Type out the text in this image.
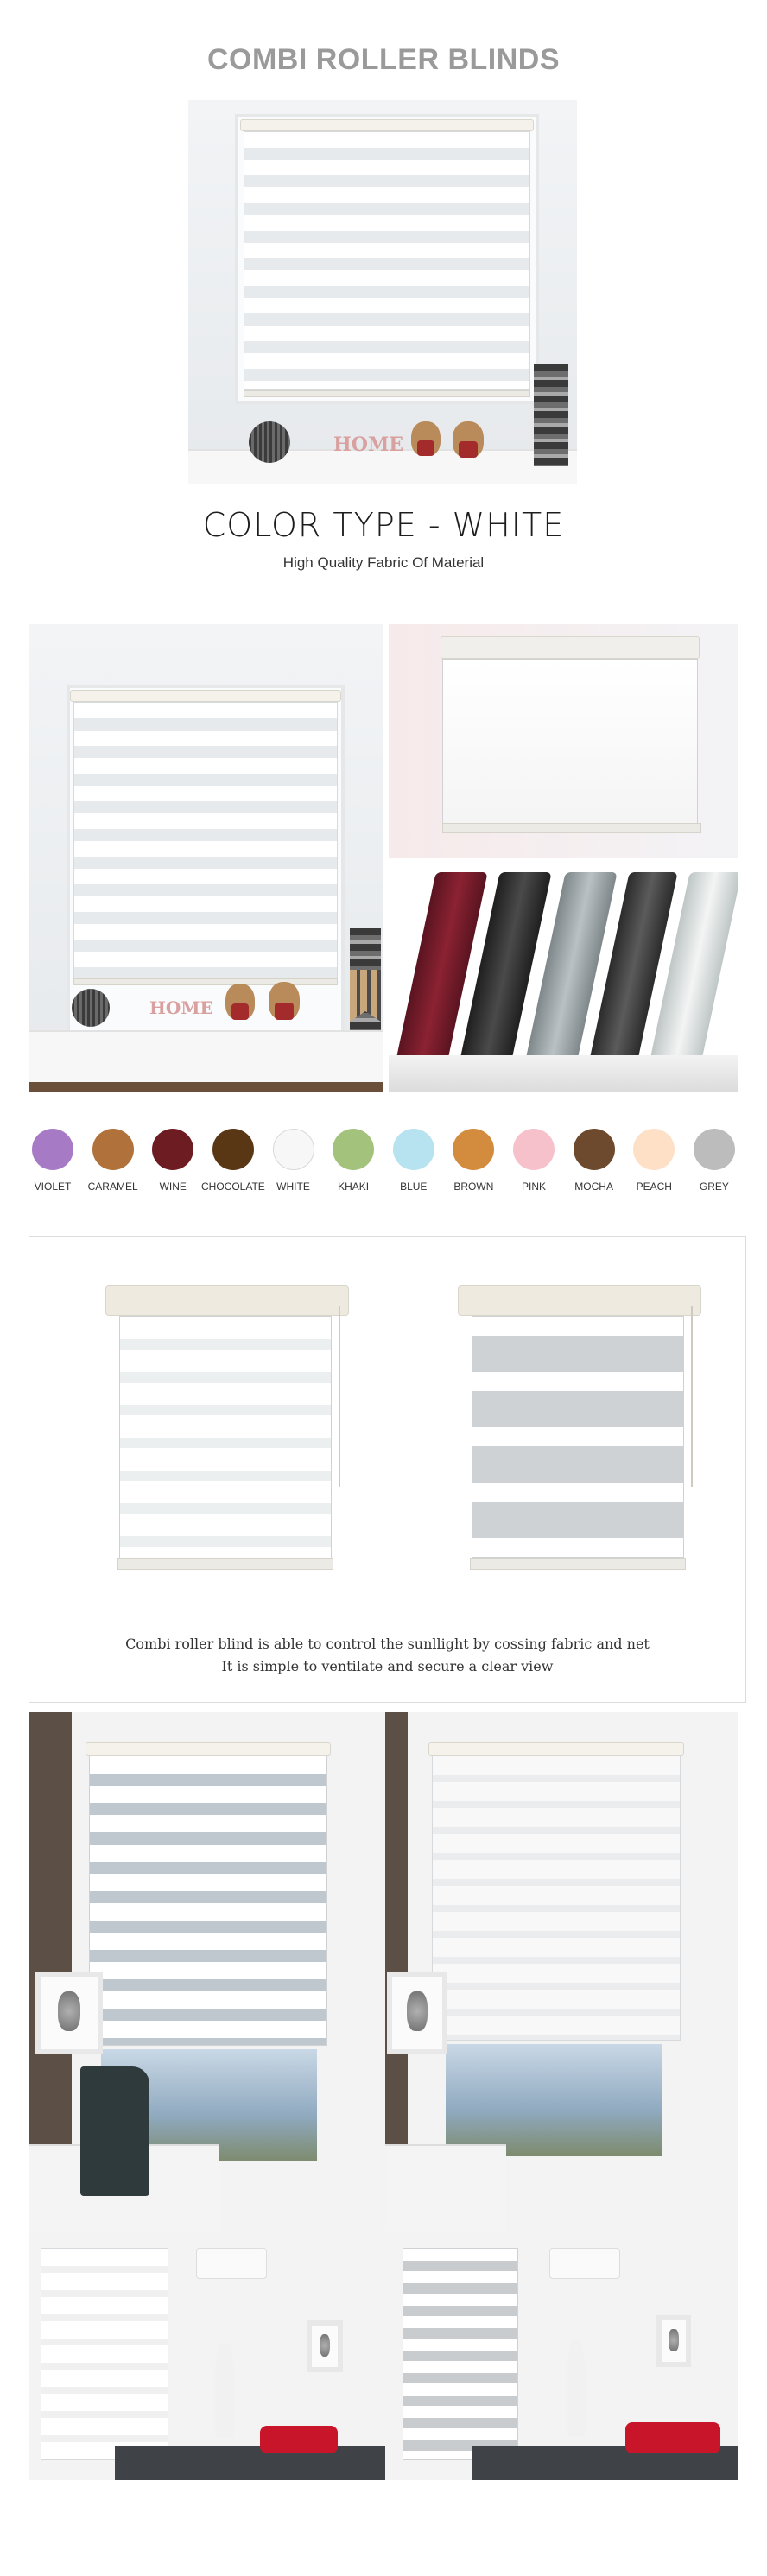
COMBI ROLLER BLINDS
HOME
COLOR TYPE - WHITE
High Quality Fabric Of Material
HOME
VIOLET CARAMEL WINE CHOCOLATE WHITE	KHAKI	BLUE	BROWN	PINK	MOCHA PEACH	GREY
Combi roller blind is able to control the sunllight by cossing fabric and net
It is simple to ventilate and secure a clear view
